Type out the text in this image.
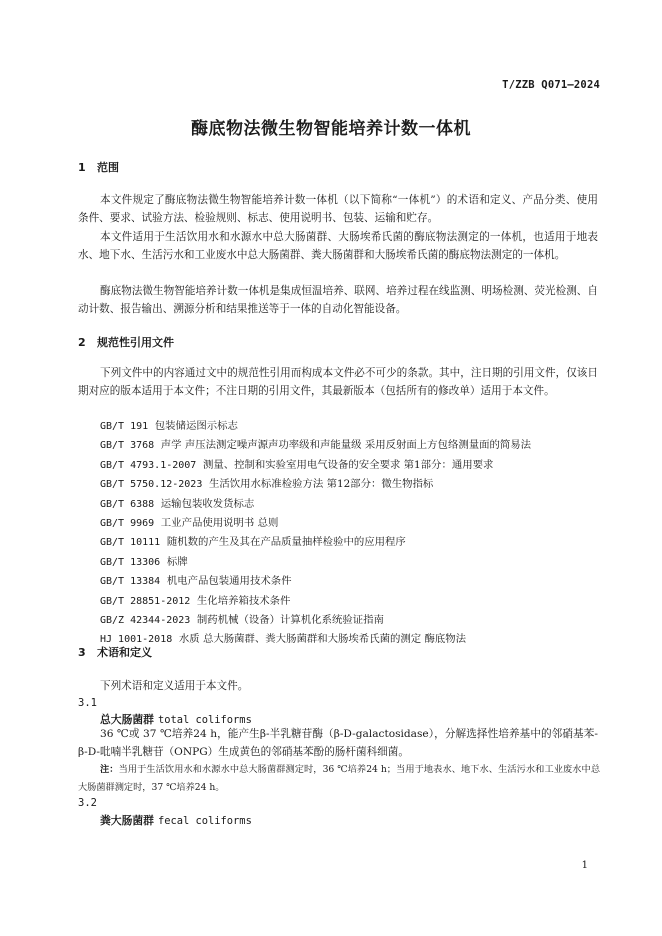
T/ZZB Q071—2024
酶底物法微生物智能培养计数一体机
1 范围
本文件规定了酶底物法微生物智能培养计数一体机（以下简称“一体机”）的术语和定义、产品分类、使用条件、要求、试验方法、检验规则、标志、使用说明书、包装、运输和贮存。
本文件适用于生活饮用水和水源水中总大肠菌群、大肠埃希氏菌的酶底物法测定的一体机，也适用于地表水、地下水、生活污水和工业废水中总大肠菌群、粪大肠菌群和大肠埃希氏菌的酶底物法测定的一体机。
酶底物法微生物智能培养计数一体机是集成恒温培养、联网、培养过程在线监测、明场检测、荧光检测、自动计数、报告输出、溯源分析和结果推送等于一体的自动化智能设备。
2 规范性引用文件
下列文件中的内容通过文中的规范性引用而构成本文件必不可少的条款。其中，注日期的引用文件，仅该日期对应的版本适用于本文件；不注日期的引用文件，其最新版本（包括所有的修改单）适用于本文件。
GB/T 191 包装储运图示标志
GB/T 3768 声学 声压法测定噪声源声功率级和声能量级 采用反射面上方包络测量面的简易法
GB/T 4793.1-2007 测量、控制和实验室用电气设备的安全要求 第1部分：通用要求
GB/T 5750.12-2023 生活饮用水标准检验方法 第12部分：微生物指标
GB/T 6388 运输包装收发货标志
GB/T 9969 工业产品使用说明书 总则
GB/T 10111 随机数的产生及其在产品质量抽样检验中的应用程序
GB/T 13306 标牌
GB/T 13384 机电产品包装通用技术条件
GB/T 28851-2012 生化培养箱技术条件
GB/Z 42344-2023 制药机械（设备）计算机化系统验证指南
HJ 1001-2018 水质 总大肠菌群、粪大肠菌群和大肠埃希氏菌的测定 酶底物法
3 术语和定义
下列术语和定义适用于本文件。
3.1
总大肠菌群 total coliforms
36 ℃或 37 ℃培养24 h，能产生β-半乳糖苷酶（β-D-galactosidase），分解选择性培养基中的邻硝基苯-β-D-吡喃半乳糖苷（ONPG）生成黄色的邻硝基苯酚的肠杆菌科细菌。
注：当用于生活饮用水和水源水中总大肠菌群测定时，36 ℃培养24 h；当用于地表水、地下水、生活污水和工业废水中总大肠菌群测定时，37 ℃培养24 h。
3.2
粪大肠菌群 fecal coliforms
1
